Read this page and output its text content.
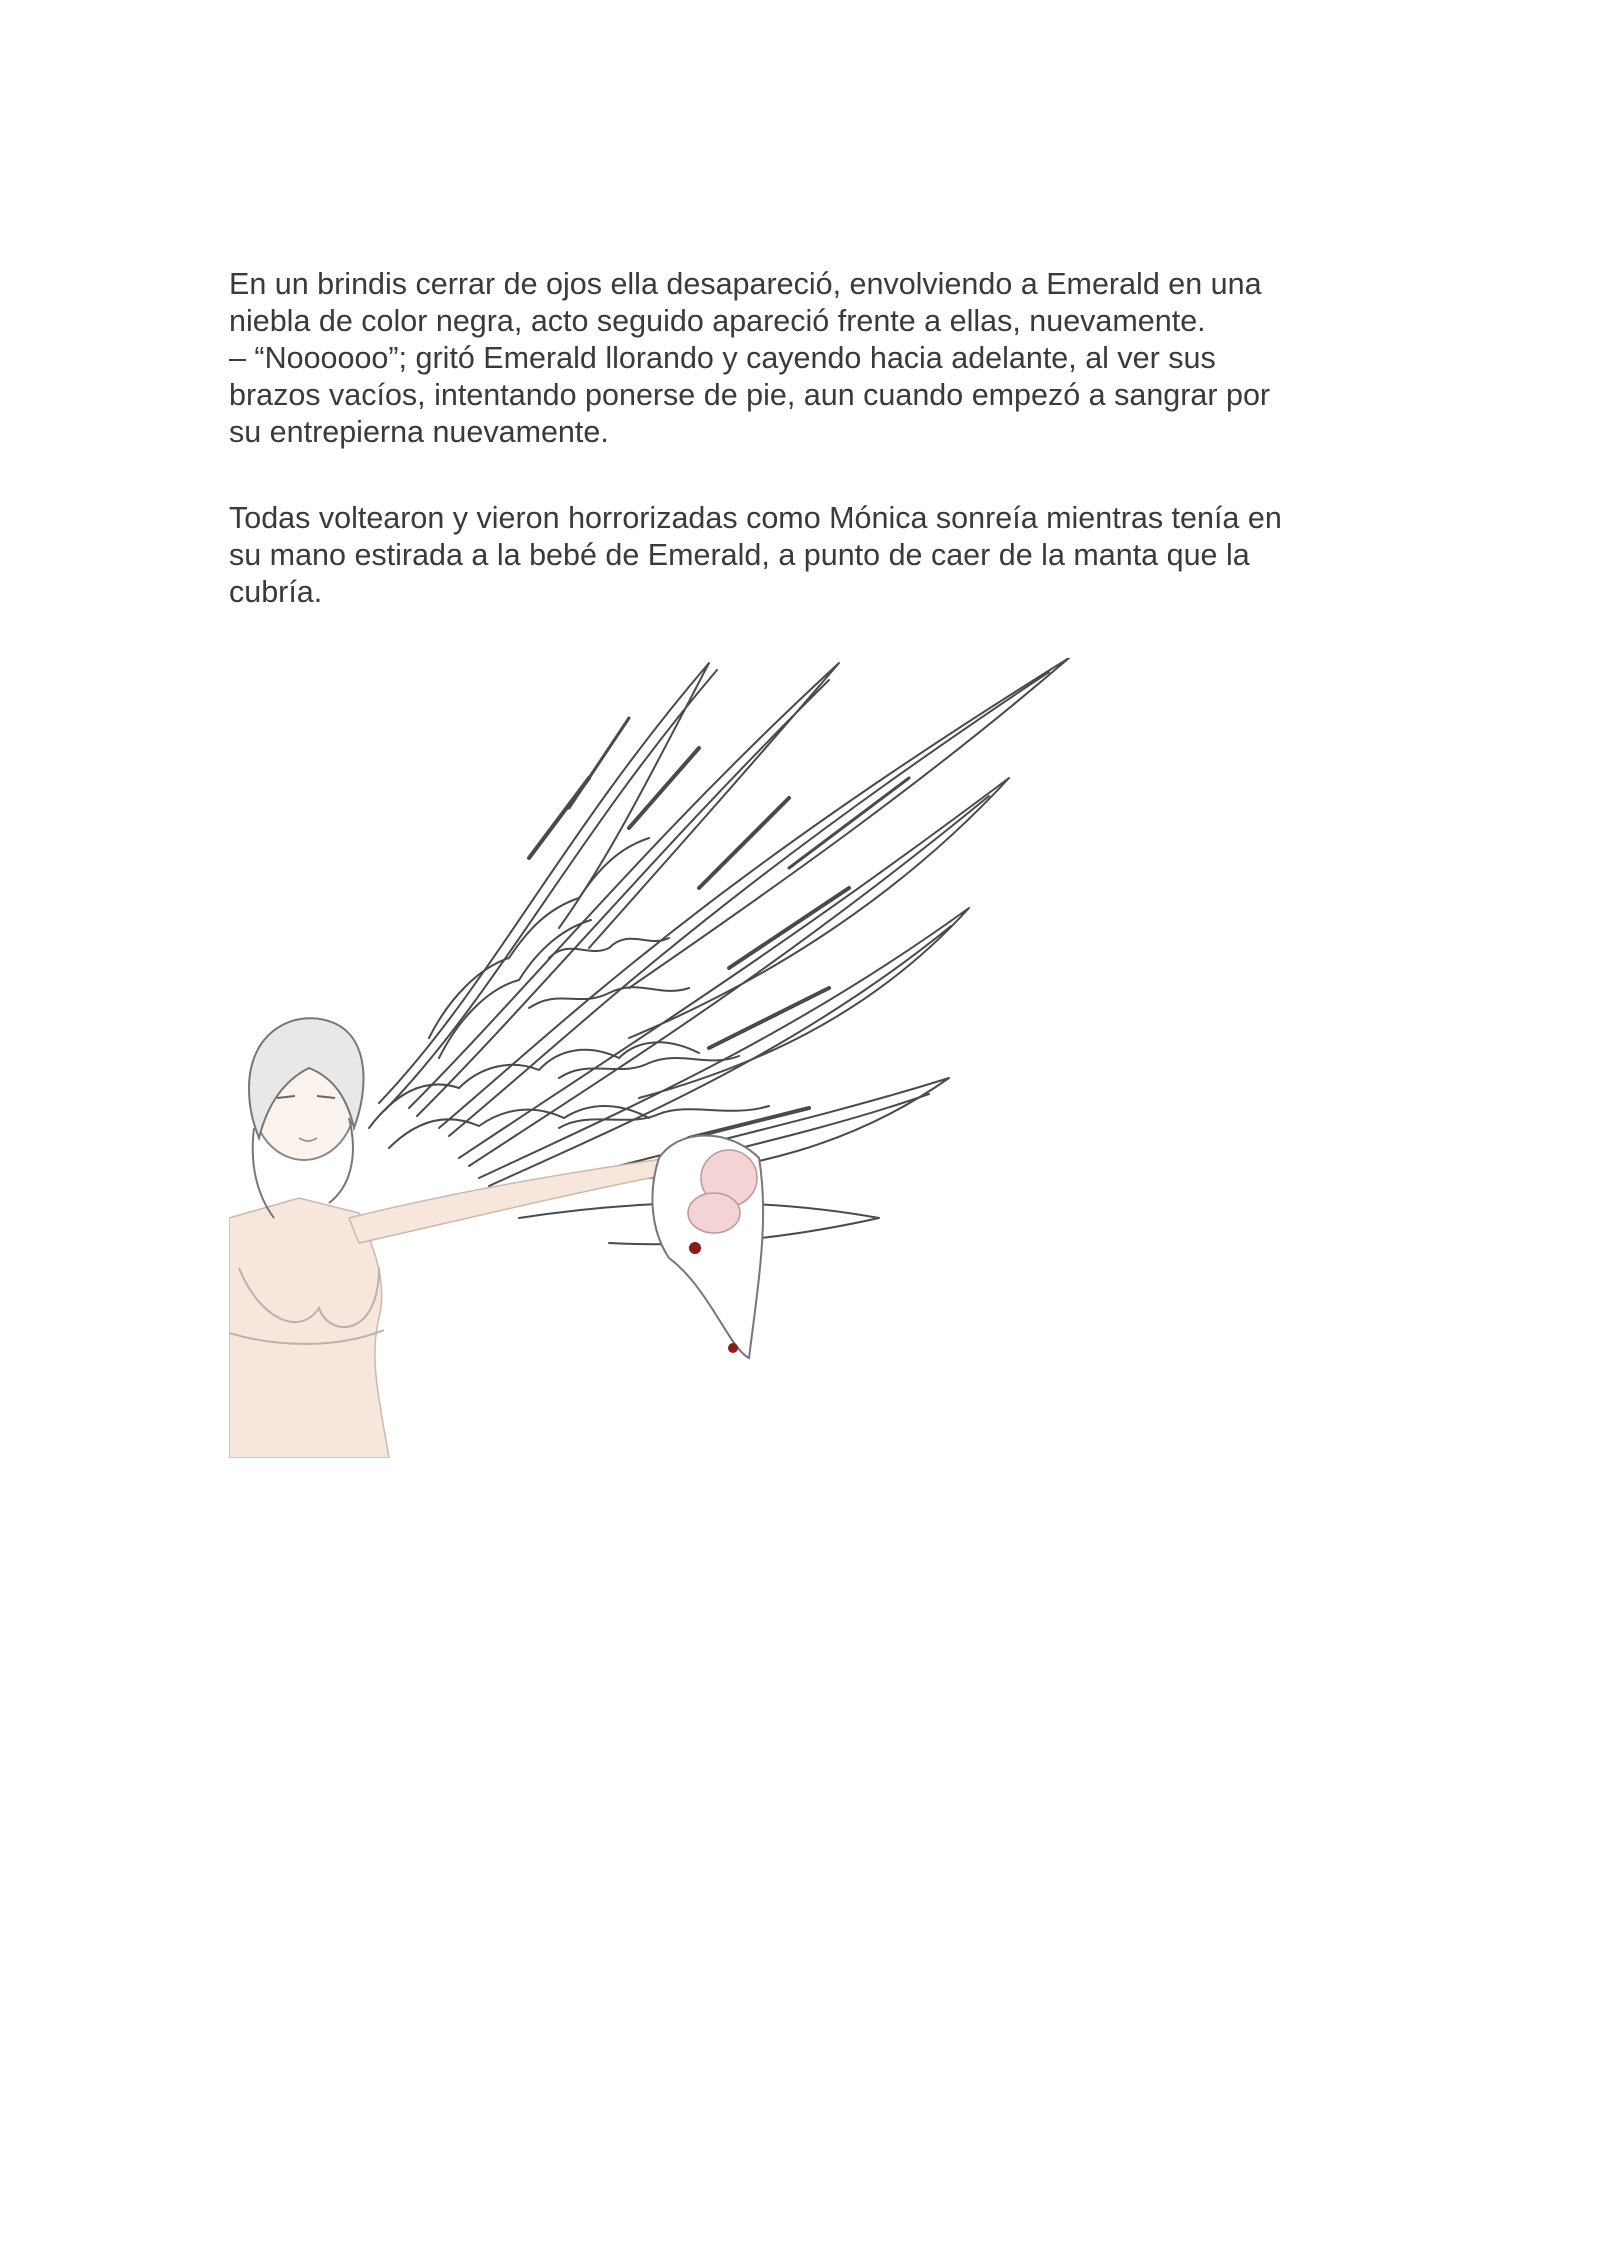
En un brindis cerrar de ojos ella desapareció, envolviendo a Emerald en una

niebla de color negra, acto seguido apareció frente a ellas, nuevamente.

– “Noooooo”; gritó Emerald llorando y cayendo hacia adelante, al ver sus

brazos vacíos, intentando ponerse de pie, aun cuando empezó a sangrar por

su entrepierna nuevamente.

Todas voltearon y vieron horrorizadas como Mónica sonreía mientras tenía en

su mano estirada a la bebé de Emerald, a punto de caer de la manta que la

cubría.
